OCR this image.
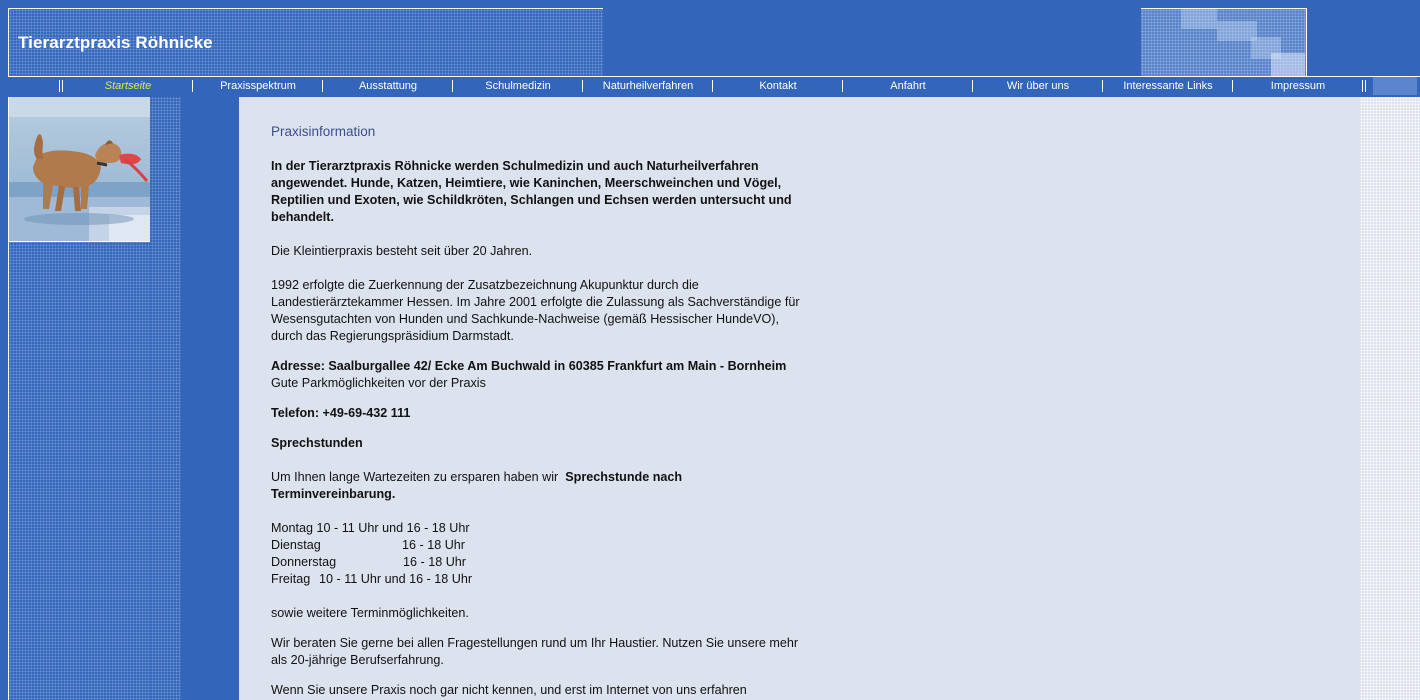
Tierarztpraxis Röhnicke
Startseite	Praxisspektrum	Ausstattung	Schulmedizin	Naturheilverfahren	Kontakt	Anfahrt	Wir über uns	Interessante Links	Impressum

Praxisinformation

In der Tierarztpraxis Röhnicke werden Schulmedizin und auch Naturheilverfahren angewendet. Hunde, Katzen, Heimtiere, wie Kaninchen, Meerschweinchen und Vögel, Reptilien und Exoten, wie Schildkröten, Schlangen und Echsen werden untersucht und behandelt.

Die Kleintierpraxis besteht seit über 20 Jahren.

1992 erfolgte die Zuerkennung der Zusatzbezeichnung Akupunktur durch die Landestierärztekammer Hessen. Im Jahre 2001 erfolgte die Zulassung als Sachverständige für Wesensgutachten von Hunden und Sachkunde-Nachweise (gemäß Hessischer HundeVO), durch das Regierungspräsidium Darmstadt.

Adresse: Saalburgallee 42/ Ecke Am Buchwald in 60385 Frankfurt am Main - Bornheim   Gute Parkmöglichkeiten vor der Praxis

Telefon: +49-69-432 111

Sprechstunden

Um Ihnen lange Wartezeiten zu ersparen haben wir Sprechstunde nach Terminvereinbarung.

Montag 10 - 11 Uhr und 16 - 18 Uhr
Dienstag	16 - 18 Uhr
Donnerstag	16 - 18 Uhr
Freitag 10 - 11 Uhr und 16 - 18 Uhr

sowie weitere Terminmöglichkeiten.

Wir beraten Sie gerne bei allen Fragestellungen rund um Ihr Haustier. Nutzen Sie unsere mehr als 20-jährige Berufserfahrung.

Wenn Sie unsere Praxis noch gar nicht kennen, und erst im Internet von uns erfahren
